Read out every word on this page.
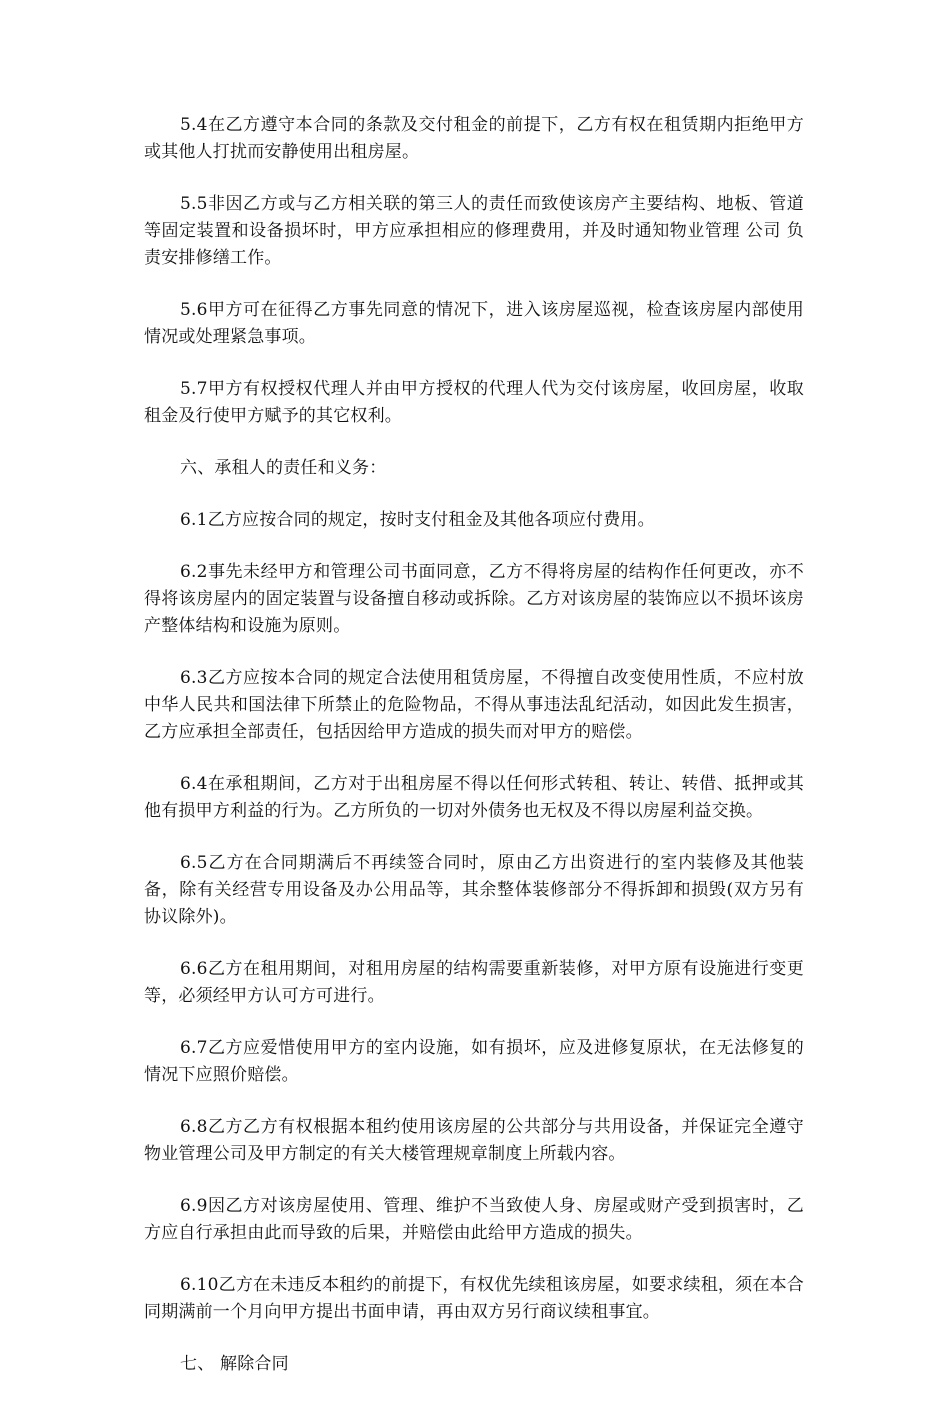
5.4在乙方遵守本合同的条款及交付租金的前提下，乙方有权在租赁期内拒绝甲方或其他人打扰而安静使用出租房屋。

5.5非因乙方或与乙方相关联的第三人的责任而致使该房产主要结构、地板、管道等固定装置和设备损坏时，甲方应承担相应的修理费用，并及时通知物业管理 公司 负责安排修缮工作。

5.6甲方可在征得乙方事先同意的情况下，进入该房屋巡视，检查该房屋内部使用情况或处理紧急事项。

5.7甲方有权授权代理人并由甲方授权的代理人代为交付该房屋，收回房屋，收取租金及行使甲方赋予的其它权利。

六、承租人的责任和义务：

6.1乙方应按合同的规定，按时支付租金及其他各项应付费用。

6.2事先未经甲方和管理公司书面同意，乙方不得将房屋的结构作任何更改，亦不得将该房屋内的固定装置与设备擅自移动或拆除。乙方对该房屋的装饰应以不损坏该房产整体结构和设施为原则。

6.3乙方应按本合同的规定合法使用租赁房屋，不得擅自改变使用性质，不应村放中华人民共和国法律下所禁止的危险物品，不得从事违法乱纪活动，如因此发生损害，乙方应承担全部责任，包括因给甲方造成的损失而对甲方的赔偿。

6.4在承租期间，乙方对于出租房屋不得以任何形式转租、转让、转借、抵押或其他有损甲方利益的行为。乙方所负的一切对外债务也无权及不得以房屋利益交换。

6.5乙方在合同期满后不再续签合同时，原由乙方出资进行的室内装修及其他装备，除有关经营专用设备及办公用品等，其余整体装修部分不得拆卸和损毁(双方另有协议除外)。

6.6乙方在租用期间，对租用房屋的结构需要重新装修，对甲方原有设施进行变更等，必须经甲方认可方可进行。

6.7乙方应爱惜使用甲方的室内设施，如有损坏，应及进修复原状，在无法修复的情况下应照价赔偿。

6.8乙方乙方有权根据本租约使用该房屋的公共部分与共用设备，并保证完全遵守物业管理公司及甲方制定的有关大楼管理规章制度上所载内容。

6.9因乙方对该房屋使用、管理、维护不当致使人身、房屋或财产受到损害时，乙方应自行承担由此而导致的后果，并赔偿由此给甲方造成的损失。

6.10乙方在未违反本租约的前提下，有权优先续租该房屋，如要求续租，须在本合同期满前一个月向甲方提出书面申请，再由双方另行商议续租事宜。

七、 解除合同
